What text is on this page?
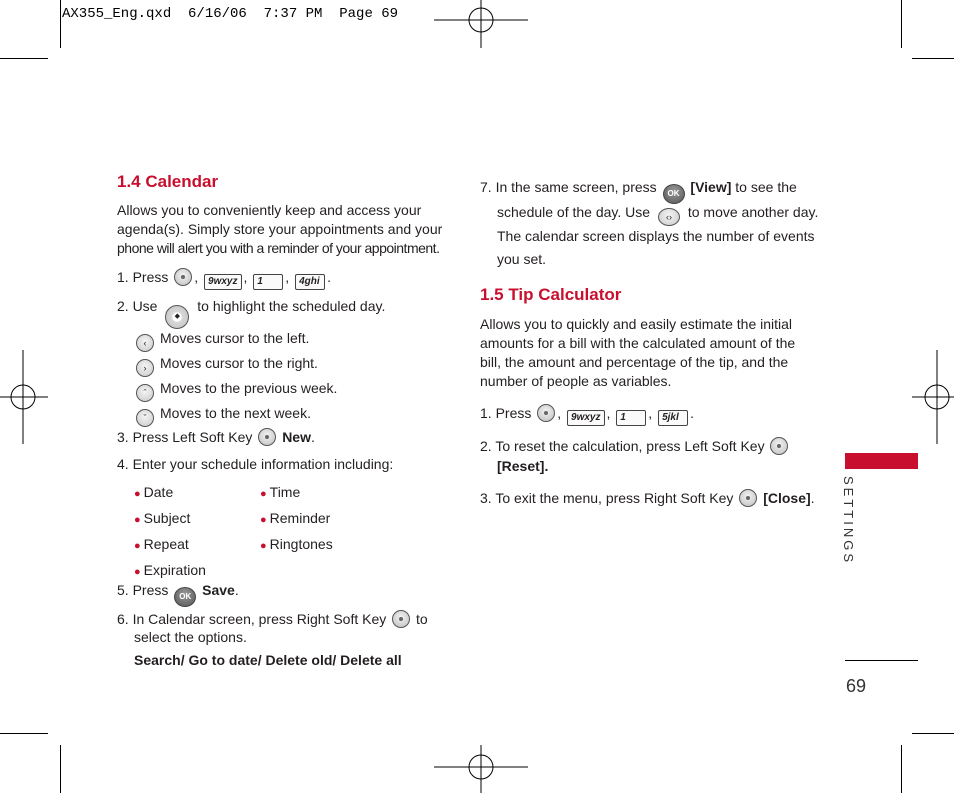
AX355_Eng.qxd  6/16/06  7:37 PM  Page 69
1.4 Calendar
Allows you to conveniently keep and access your
agenda(s). Simply store your appointments and your
phone will alert you with a reminder of your appointment.
1. Press , 9wxyz , 1 , 4ghi .
2. Use ◆ to highlight the scheduled day.
‹ Moves cursor to the left.
› Moves cursor to the right.
ˆ Moves to the previous week.
ˇ Moves to the next week.
3. Press Left Soft Key New.
4. Enter your schedule information including:
● Date
● Subject
● Repeat
● Expiration
● Time
● Reminder
● Ringtones
5. Press OK Save.
6. In Calendar screen, press Right Soft Key to
select the options.
Search/ Go to date/ Delete old/ Delete all
7. In the same screen, press OK [View] to see the
schedule of the day. Use ‹› to move another day.
The calendar screen displays the number of events
you set.
1.5 Tip Calculator
Allows you to quickly and easily estimate the initial
amounts for a bill with the calculated amount of the
bill, the amount and percentage of the tip, and the
number of people as variables.
1. Press , 9wxyz , 1 , 5jkl .
2. To reset the calculation, press Left Soft Key
[Reset].
3. To exit the menu, press Right Soft Key [Close]. SETTINGS
69
